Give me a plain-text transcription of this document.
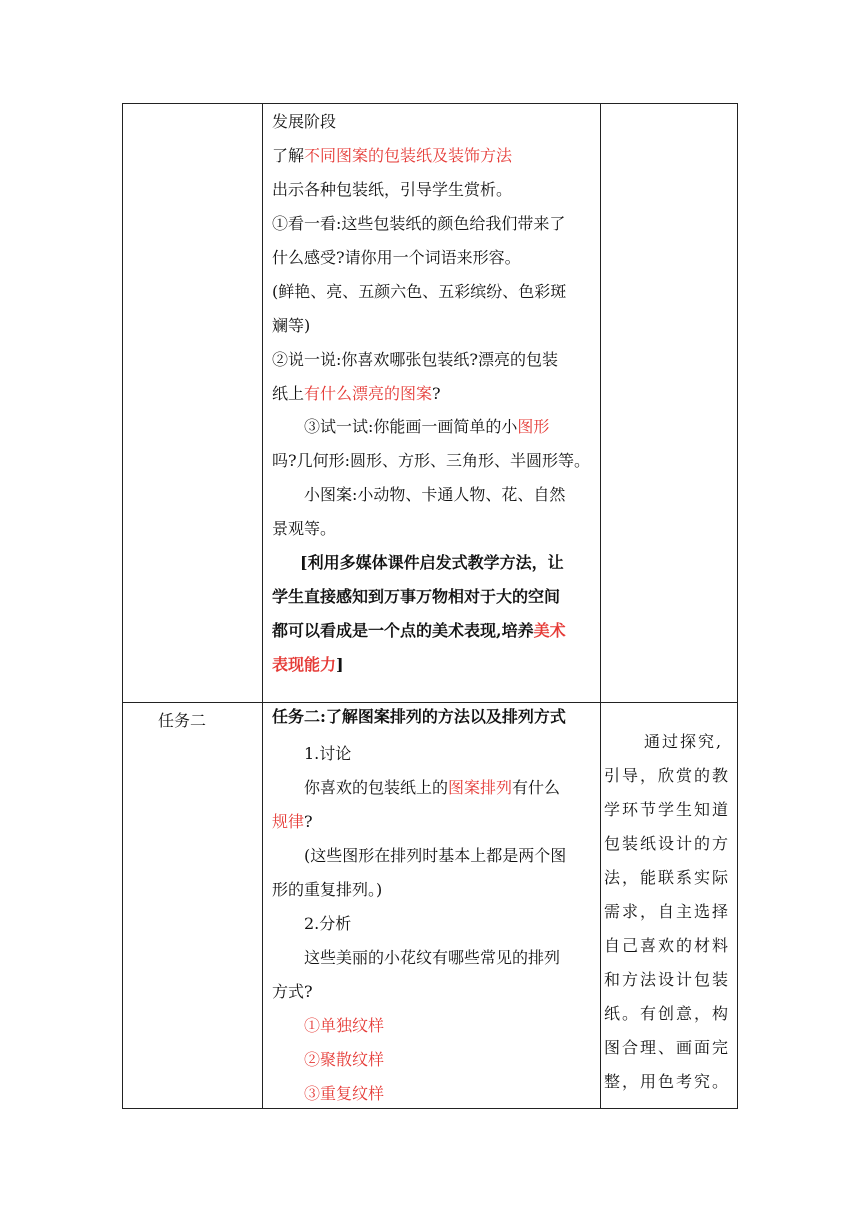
发展阶段
了解不同图案的包装纸及装饰方法
出示各种包装纸，引导学生赏析。
①看一看:这些包装纸的颜色给我们带来了
什么感受?请你用一个词语来形容。
(鲜艳、亮、五颜六色、五彩缤纷、色彩斑
斓等)
②说一说:你喜欢哪张包装纸?漂亮的包装
纸上有什么漂亮的图案?
③试一试:你能画一画简单的小图形
吗?几何形:圆形、方形、三角形、半圆形等。
小图案:小动物、卡通人物、花、自然
景观等。
[利用多媒体课件启发式教学方法，让
学生直接感知到万事万物相对于大的空间
都可以看成是一个点的美术表现,培养美术
表现能力]
任务二	任务二:了解图案排列的方法以及排列方式
1.讨论
你喜欢的包装纸上的图案排列有什么
规律?
(这些图形在排列时基本上都是两个图
形的重复排列。)
2.分析
这些美丽的小花纹有哪些常见的排列
方式?
①单独纹样
②聚散纹样
③重复纹样
通过探究,
引导，欣赏的教
学环节学生知道
包装纸设计的方
法，能联系实际
需求，自主选择
自己喜欢的材料
和方法设计包装
纸。有创意，构
图合理、画面完
整，用色考究。
